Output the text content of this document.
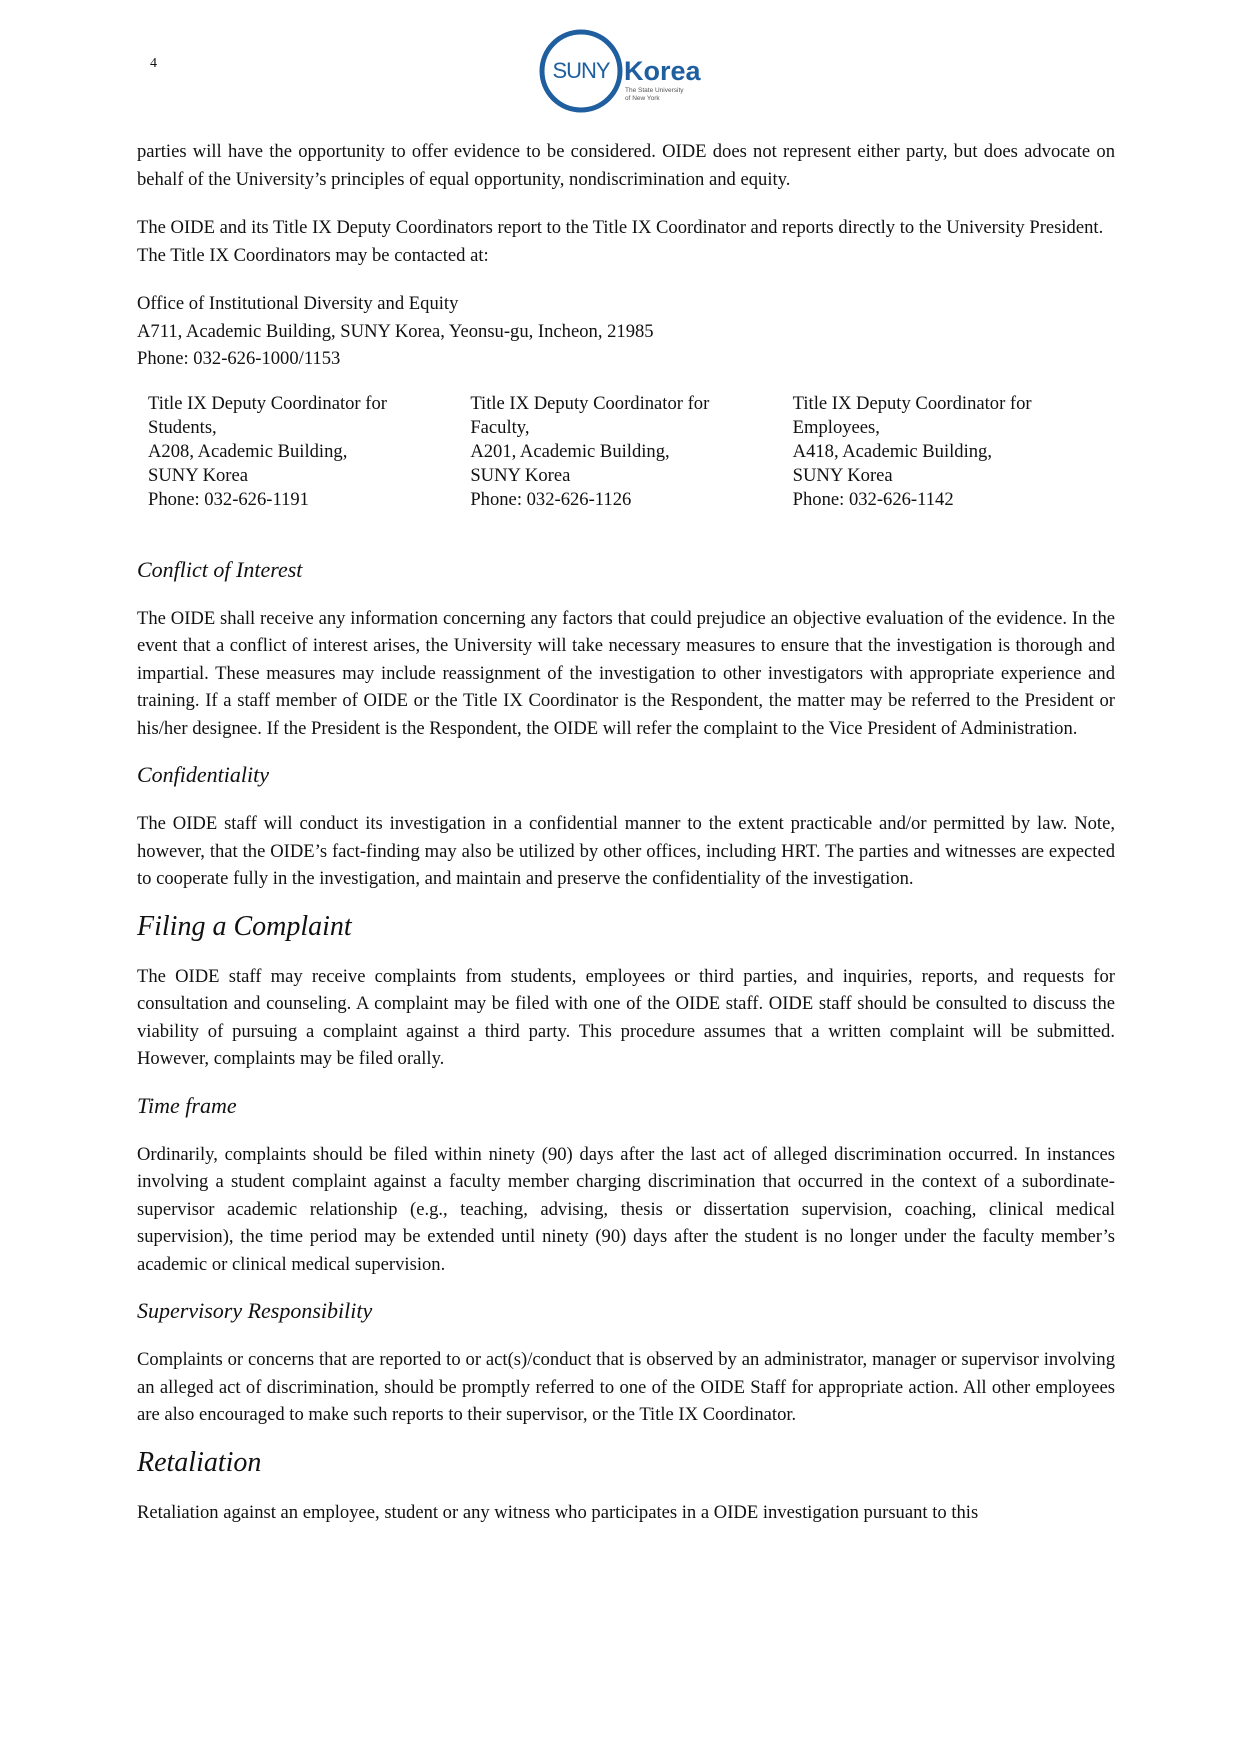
4	SUNY Korea
The State University
of New York

parties will have the opportunity to offer evidence to be considered. OIDE does not represent either party, but does advocate on behalf of the University’s principles of equal opportunity, nondiscrimination and equity.

The OIDE and its Title IX Deputy Coordinators report to the Title IX Coordinator and reports directly to the University President. The Title IX Coordinators may be contacted at:

Office of Institutional Diversity and Equity
A711, Academic Building, SUNY Korea, Yeonsu-gu, Incheon, 21985
Phone: 032-626-1000/1153
Title IX Deputy Coordinator for
Students,
A208, Academic Building,
SUNY Korea
Phone: 032-626-1191
Title IX Deputy Coordinator for
Faculty,
A201, Academic Building,
SUNY Korea
Phone: 032-626-1126
Title IX Deputy Coordinator for
Employees,
A418, Academic Building,
SUNY Korea
Phone: 032-626-1142
Conflict of Interest

The OIDE shall receive any information concerning any factors that could prejudice an objective evaluation of the evidence. In the event that a conflict of interest arises, the University will take necessary measures to ensure that the investigation is thorough and impartial. These measures may include reassignment of the investigation to other investigators with appropriate experience and training. If a staff member of OIDE or the Title IX Coordinator is the Respondent, the matter may be referred to the President or his/her designee. If the President is the Respondent, the OIDE will refer the complaint to the Vice President of Administration.

Confidentiality

The OIDE staff will conduct its investigation in a confidential manner to the extent practicable and/or permitted by law. Note, however, that the OIDE’s fact-finding may also be utilized by other offices, including HRT. The parties and witnesses are expected to cooperate fully in the investigation, and maintain and preserve the confidentiality of the investigation.

Filing a Complaint

The OIDE staff may receive complaints from students, employees or third parties, and inquiries, reports, and requests for consultation and counseling. A complaint may be filed with one of the OIDE staff. OIDE staff should be consulted to discuss the viability of pursuing a complaint against a third party. This procedure assumes that a written complaint will be submitted. However, complaints may be filed orally.

Time frame

Ordinarily, complaints should be filed within ninety (90) days after the last act of alleged discrimination occurred. In instances involving a student complaint against a faculty member charging discrimination that occurred in the context of a subordinate-supervisor academic relationship (e.g., teaching, advising, thesis or dissertation supervision, coaching, clinical medical supervision), the time period may be extended until ninety (90) days after the student is no longer under the faculty member’s academic or clinical medical supervision.

Supervisory Responsibility

Complaints or concerns that are reported to or act(s)/conduct that is observed by an administrator, manager or supervisor involving an alleged act of discrimination, should be promptly referred to one of the OIDE Staff for appropriate action. All other employees are also encouraged to make such reports to their supervisor, or the Title IX Coordinator.

Retaliation

Retaliation against an employee, student or any witness who participates in a OIDE investigation pursuant to this
